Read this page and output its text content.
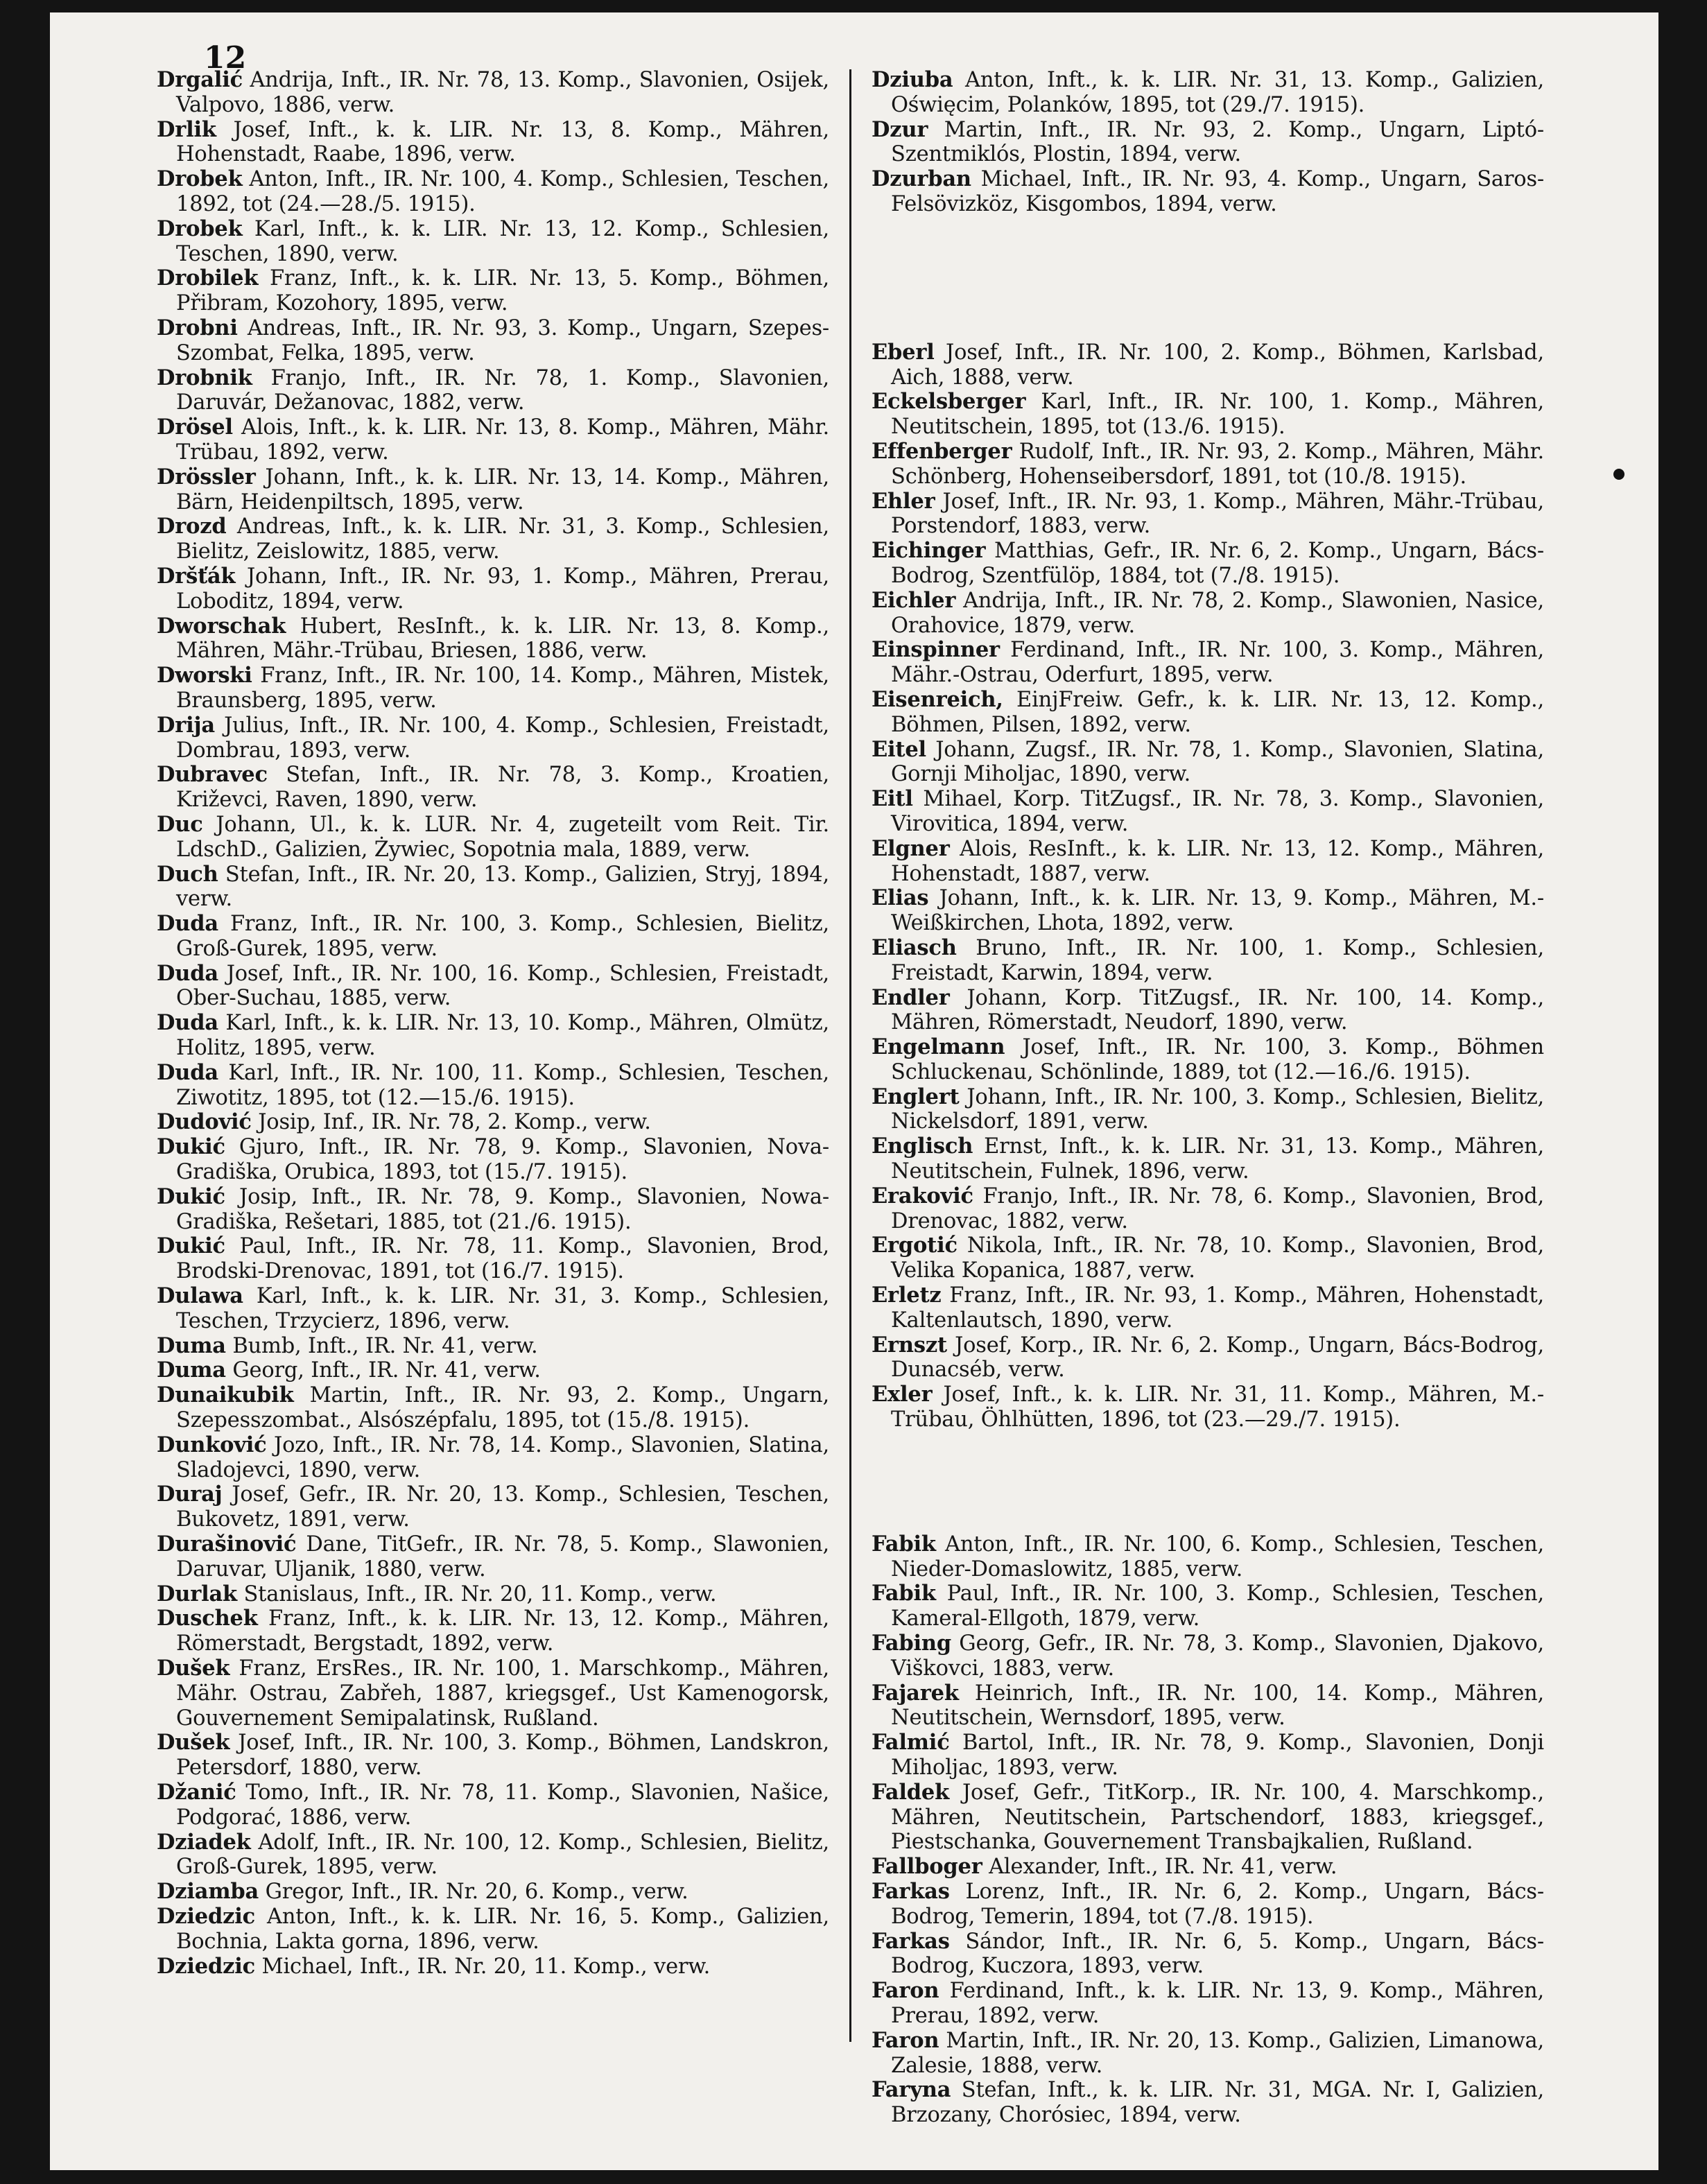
12

Drgalić Andrija, Inft., IR. Nr. 78, 13. Komp., Slavonien, Osijek, Valpovo, 1886, verw.

Drlik Josef, Inft., k. k. LIR. Nr. 13, 8. Komp., Mähren, Hohenstadt, Raabe, 1896, verw.

Drobek Anton, Inft., IR. Nr. 100, 4. Komp., Schlesien, Teschen, 1892, tot (24.—28./5. 1915).

Drobek Karl, Inft., k. k. LIR. Nr. 13, 12. Komp., Schlesien, Teschen, 1890, verw.

Drobilek Franz, Inft., k. k. LIR. Nr. 13, 5. Komp., Böhmen, Přibram, Kozohory, 1895, verw.

Drobni Andreas, Inft., IR. Nr. 93, 3. Komp., Ungarn, Szepes-Szombat, Felka, 1895, verw.

Drobnik Franjo, Inft., IR. Nr. 78, 1. Komp., Slavonien, Daruvár, Dežanovac, 1882, verw.

Drösel Alois, Inft., k. k. LIR. Nr. 13, 8. Komp., Mähren, Mähr. Trübau, 1892, verw.

Drössler Johann, Inft., k. k. LIR. Nr. 13, 14. Komp., Mähren, Bärn, Heidenpiltsch, 1895, verw.

Drozd Andreas, Inft., k. k. LIR. Nr. 31, 3. Komp., Schlesien, Bielitz, Zeislowitz, 1885, verw.

Dršťák Johann, Inft., IR. Nr. 93, 1. Komp., Mähren, Prerau, Loboditz, 1894, verw.

Dworschak Hubert, ResInft., k. k. LIR. Nr. 13, 8. Komp., Mähren, Mähr.-Trübau, Briesen, 1886, verw.

Dworski Franz, Inft., IR. Nr. 100, 14. Komp., Mähren, Mistek, Braunsberg, 1895, verw.

Drija Julius, Inft., IR. Nr. 100, 4. Komp., Schlesien, Freistadt, Dombrau, 1893, verw.

Dubravec Stefan, Inft., IR. Nr. 78, 3. Komp., Kroatien, Križevci, Raven, 1890, verw.

Duc Johann, Ul., k. k. LUR. Nr. 4, zugeteilt vom Reit. Tir. LdschD., Galizien, Żywiec, Sopotnia mala, 1889, verw.

Duch Stefan, Inft., IR. Nr. 20, 13. Komp., Galizien, Stryj, 1894, verw.

Duda Franz, Inft., IR. Nr. 100, 3. Komp., Schlesien, Bielitz, Groß-Gurek, 1895, verw.

Duda Josef, Inft., IR. Nr. 100, 16. Komp., Schlesien, Freistadt, Ober-Suchau, 1885, verw.

Duda Karl, Inft., k. k. LIR. Nr. 13, 10. Komp., Mähren, Olmütz, Holitz, 1895, verw.

Duda Karl, Inft., IR. Nr. 100, 11. Komp., Schlesien, Teschen, Ziwotitz, 1895, tot (12.—15./6. 1915).

Dudović Josip, Inf., IR. Nr. 78, 2. Komp., verw.

Dukić Gjuro, Inft., IR. Nr. 78, 9. Komp., Slavonien, Nova-Gradiška, Orubica, 1893, tot (15./7. 1915).

Dukić Josip, Inft., IR. Nr. 78, 9. Komp., Slavonien, Nowa-Gradiška, Rešetari, 1885, tot (21./6. 1915).

Dukić Paul, Inft., IR. Nr. 78, 11. Komp., Slavonien, Brod, Brodski-Drenovac, 1891, tot (16./7. 1915).

Dulawa Karl, Inft., k. k. LIR. Nr. 31, 3. Komp., Schlesien, Teschen, Trzycierz, 1896, verw.

Duma Bumb, Inft., IR. Nr. 41, verw.

Duma Georg, Inft., IR. Nr. 41, verw.

Dunaikubik Martin, Inft., IR. Nr. 93, 2. Komp., Ungarn, Szepesszombat., Alsószépfalu, 1895, tot (15./8. 1915).

Dunković Jozo, Inft., IR. Nr. 78, 14. Komp., Slavonien, Slatina, Sladojevci, 1890, verw.

Duraj Josef, Gefr., IR. Nr. 20, 13. Komp., Schlesien, Teschen, Bukovetz, 1891, verw.

Durašinović Dane, TitGefr., IR. Nr. 78, 5. Komp., Slawonien, Daruvar, Uljanik, 1880, verw.

Durlak Stanislaus, Inft., IR. Nr. 20, 11. Komp., verw.

Duschek Franz, Inft., k. k. LIR. Nr. 13, 12. Komp., Mähren, Römerstadt, Bergstadt, 1892, verw.

Dušek Franz, ErsRes., IR. Nr. 100, 1. Marschkomp., Mähren, Mähr. Ostrau, Zabřeh, 1887, kriegsgef., Ust Kamenogorsk, Gouvernement Semipalatinsk, Rußland.

Dušek Josef, Inft., IR. Nr. 100, 3. Komp., Böhmen, Landskron, Petersdorf, 1880, verw.

Džanić Tomo, Inft., IR. Nr. 78, 11. Komp., Slavonien, Našice, Podgorać, 1886, verw.

Dziadek Adolf, Inft., IR. Nr. 100, 12. Komp., Schlesien, Bielitz, Groß-Gurek, 1895, verw.

Dziamba Gregor, Inft., IR. Nr. 20, 6. Komp., verw.

Dziedzic Anton, Inft., k. k. LIR. Nr. 16, 5. Komp., Galizien, Bochnia, Lakta gorna, 1896, verw.

Dziedzic Michael, Inft., IR. Nr. 20, 11. Komp., verw.

Dziuba Anton, Inft., k. k. LIR. Nr. 31, 13. Komp., Galizien, Oświęcim, Polanków, 1895, tot (29./7. 1915).

Dzur Martin, Inft., IR. Nr. 93, 2. Komp., Ungarn, Liptó-Szentmiklós, Plostin, 1894, verw.

Dzurban Michael, Inft., IR. Nr. 93, 4. Komp., Ungarn, Saros-Felsövizköz, Kisgombos, 1894, verw.

Eberl Josef, Inft., IR. Nr. 100, 2. Komp., Böhmen, Karlsbad, Aich, 1888, verw.

Eckelsberger Karl, Inft., IR. Nr. 100, 1. Komp., Mähren, Neutitschein, 1895, tot (13./6. 1915).

Effenberger Rudolf, Inft., IR. Nr. 93, 2. Komp., Mähren, Mähr. Schönberg, Hohenseibersdorf, 1891, tot (10./8. 1915).

Ehler Josef, Inft., IR. Nr. 93, 1. Komp., Mähren, Mähr.-Trübau, Porstendorf, 1883, verw.

Eichinger Matthias, Gefr., IR. Nr. 6, 2. Komp., Ungarn, Bács-Bodrog, Szentfülöp, 1884, tot (7./8. 1915).

Eichler Andrija, Inft., IR. Nr. 78, 2. Komp., Slawonien, Nasice, Orahovice, 1879, verw.

Einspinner Ferdinand, Inft., IR. Nr. 100, 3. Komp., Mähren, Mähr.-Ostrau, Oderfurt, 1895, verw.

Eisenreich, EinjFreiw. Gefr., k. k. LIR. Nr. 13, 12. Komp., Böhmen, Pilsen, 1892, verw.

Eitel Johann, Zugsf., IR. Nr. 78, 1. Komp., Slavonien, Slatina, Gornji Miholjac, 1890, verw.

Eitl Mihael, Korp. TitZugsf., IR. Nr. 78, 3. Komp., Slavonien, Virovitica, 1894, verw.

Elgner Alois, ResInft., k. k. LIR. Nr. 13, 12. Komp., Mähren, Hohenstadt, 1887, verw.

Elias Johann, Inft., k. k. LIR. Nr. 13, 9. Komp., Mähren, M.-Weißkirchen, Lhota, 1892, verw.

Eliasch Bruno, Inft., IR. Nr. 100, 1. Komp., Schlesien, Freistadt, Karwin, 1894, verw.

Endler Johann, Korp. TitZugsf., IR. Nr. 100, 14. Komp., Mähren, Römerstadt, Neudorf, 1890, verw.

Engelmann Josef, Inft., IR. Nr. 100, 3. Komp., Böhmen Schluckenau, Schönlinde, 1889, tot (12.—16./6. 1915).

Englert Johann, Inft., IR. Nr. 100, 3. Komp., Schlesien, Bielitz, Nickelsdorf, 1891, verw.

Englisch Ernst, Inft., k. k. LIR. Nr. 31, 13. Komp., Mähren, Neutitschein, Fulnek, 1896, verw.

Eraković Franjo, Inft., IR. Nr. 78, 6. Komp., Slavonien, Brod, Drenovac, 1882, verw.

Ergotić Nikola, Inft., IR. Nr. 78, 10. Komp., Slavonien, Brod, Velika Kopanica, 1887, verw.

Erletz Franz, Inft., IR. Nr. 93, 1. Komp., Mähren, Hohenstadt, Kaltenlautsch, 1890, verw.

Ernszt Josef, Korp., IR. Nr. 6, 2. Komp., Ungarn, Bács-Bodrog, Dunacséb, verw.

Exler Josef, Inft., k. k. LIR. Nr. 31, 11. Komp., Mähren, M.-Trübau, Öhlhütten, 1896, tot (23.—29./7. 1915).

Fabik Anton, Inft., IR. Nr. 100, 6. Komp., Schlesien, Teschen, Nieder-Domaslowitz, 1885, verw.

Fabik Paul, Inft., IR. Nr. 100, 3. Komp., Schlesien, Teschen, Kameral-Ellgoth, 1879, verw.

Fabing Georg, Gefr., IR. Nr. 78, 3. Komp., Slavonien, Djakovo, Viškovci, 1883, verw.

Fajarek Heinrich, Inft., IR. Nr. 100, 14. Komp., Mähren, Neutitschein, Wernsdorf, 1895, verw.

Falmić Bartol, Inft., IR. Nr. 78, 9. Komp., Slavonien, Donji Miholjac, 1893, verw.

Faldek Josef, Gefr., TitKorp., IR. Nr. 100, 4. Marschkomp., Mähren, Neutitschein, Partschendorf, 1883, kriegsgef., Piestschanka, Gouvernement Transbajkalien, Rußland.

Fallboger Alexander, Inft., IR. Nr. 41, verw.

Farkas Lorenz, Inft., IR. Nr. 6, 2. Komp., Ungarn, Bács-Bodrog, Temerin, 1894, tot (7./8. 1915).

Farkas Sándor, Inft., IR. Nr. 6, 5. Komp., Ungarn, Bács-Bodrog, Kuczora, 1893, verw.

Faron Ferdinand, Inft., k. k. LIR. Nr. 13, 9. Komp., Mähren, Prerau, 1892, verw.

Faron Martin, Inft., IR. Nr. 20, 13. Komp., Galizien, Limanowa, Zalesie, 1888, verw.

Faryna Stefan, Inft., k. k. LIR. Nr. 31, MGA. Nr. I, Galizien, Brzozany, Chorósiec, 1894, verw.
